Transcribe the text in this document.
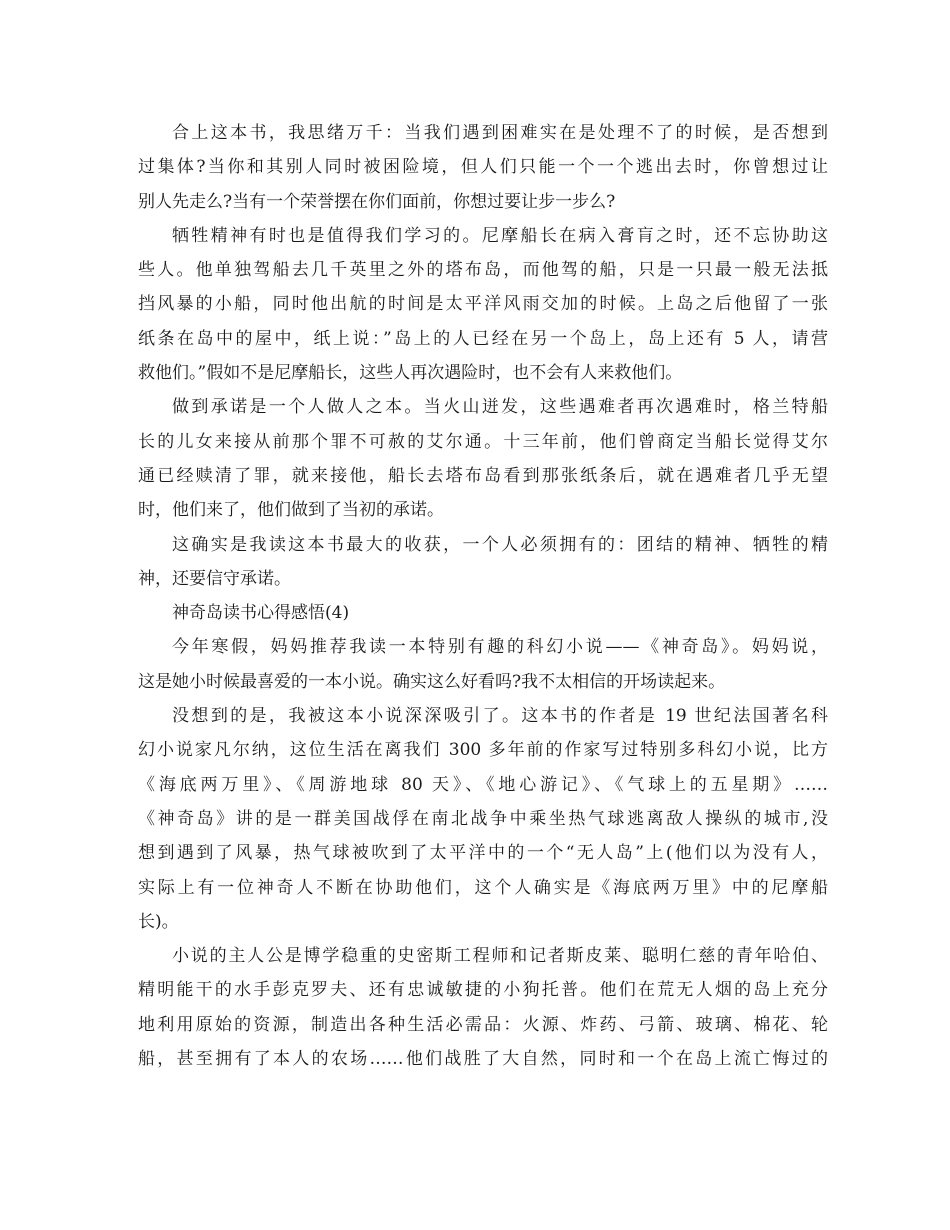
合上这本书，我思绪万千：当我们遇到困难实在是处理不了的时候，是否想到
过集体?当你和其别人同时被困险境，但人们只能一个一个逃出去时，你曾想过让
别人先走么?当有一个荣誉摆在你们面前，你想过要让步一步么?
牺牲精神有时也是值得我们学习的。尼摩船长在病入膏肓之时，还不忘协助这
些人。他单独驾船去几千英里之外的塔布岛，而他驾的船，只是一只最一般无法抵
挡风暴的小船，同时他出航的时间是太平洋风雨交加的时候。上岛之后他留了一张
纸条在岛中的屋中，纸上说：”岛上的人已经在另一个岛上，岛上还有 5 人，请营
救他们。”假如不是尼摩船长，这些人再次遇险时，也不会有人来救他们。
做到承诺是一个人做人之本。当火山迸发，这些遇难者再次遇难时，格兰特船
长的儿女来接从前那个罪不可赦的艾尔通。十三年前，他们曾商定当船长觉得艾尔
通已经赎清了罪，就来接他，船长去塔布岛看到那张纸条后，就在遇难者几乎无望
时，他们来了，他们做到了当初的承诺。
这确实是我读这本书最大的收获，一个人必须拥有的：团结的精神、牺牲的精
神，还要信守承诺。
神奇岛读书心得感悟(4)
今年寒假，妈妈推荐我读一本特别有趣的科幻小说——《神奇岛》。妈妈说，
这是她小时候最喜爱的一本小说。确实这么好看吗?我不太相信的开场读起来。
没想到的是，我被这本小说深深吸引了。这本书的作者是 19 世纪法国著名科
幻小说家凡尔纳，这位生活在离我们 300 多年前的作家写过特别多科幻小说，比方
《海底两万里》、《周游地球 80 天》、《地心游记》、《气球上的五星期》……
《神奇岛》讲的是一群美国战俘在南北战争中乘坐热气球逃离敌人操纵的城市,没
想到遇到了风暴，热气球被吹到了太平洋中的一个“无人岛”上(他们以为没有人，
实际上有一位神奇人不断在协助他们，这个人确实是《海底两万里》中的尼摩船
长)。
小说的主人公是博学稳重的史密斯工程师和记者斯皮莱、聪明仁慈的青年哈伯、
精明能干的水手彭克罗夫、还有忠诚敏捷的小狗托普。他们在荒无人烟的岛上充分
地利用原始的资源，制造出各种生活必需品：火源、炸药、弓箭、玻璃、棉花、轮
船，甚至拥有了本人的农场……他们战胜了大自然，同时和一个在岛上流亡悔过的
